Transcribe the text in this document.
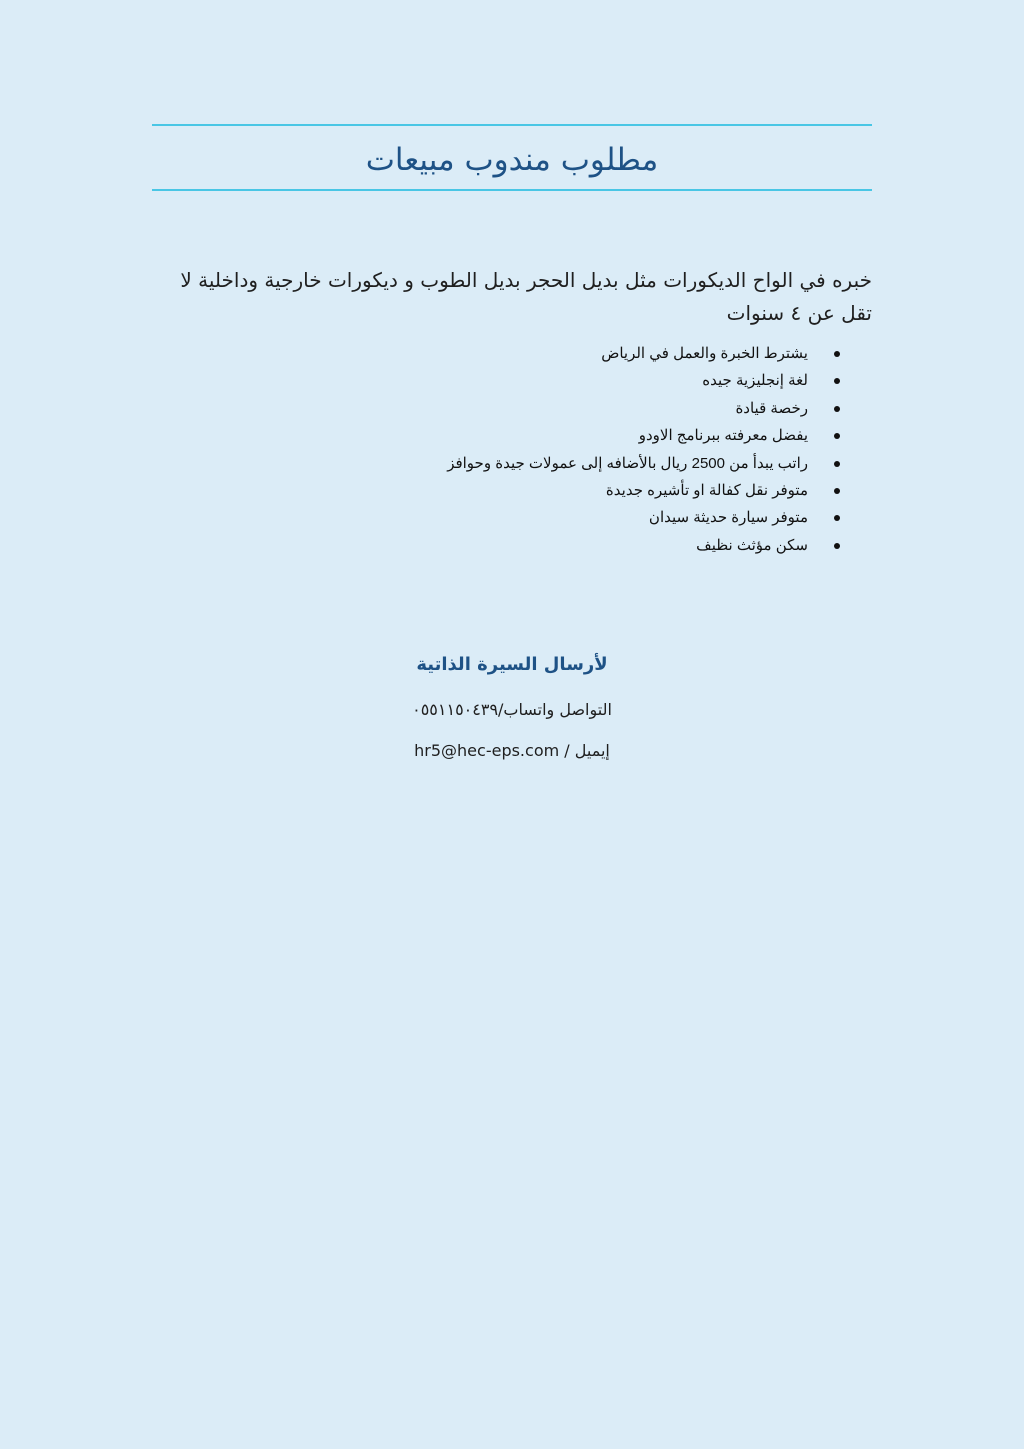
مطلوب مندوب مبيعات
خبره في الواح الديكورات مثل بديل الحجر بديل الطوب و ديكورات خارجية وداخلية لا تقل عن ٤ سنوات
يشترط الخبرة والعمل في الرياض
لغة إنجليزية جيده
رخصة قيادة
يفضل معرفته ببرنامج الاودو
راتب يبدأ من 2500 ريال بالأضافه إلى عمولات جيدة وحوافز
متوفر نقل كفالة او تأشيره جديدة
متوفر سيارة حديثة سيدان
سكن مؤثث نظيف
لأرسال السيرة الذاتية
التواصل واتساب/٠٥٥١١٥٠٤٣٩
إيميل / hr5@hec-eps.com
